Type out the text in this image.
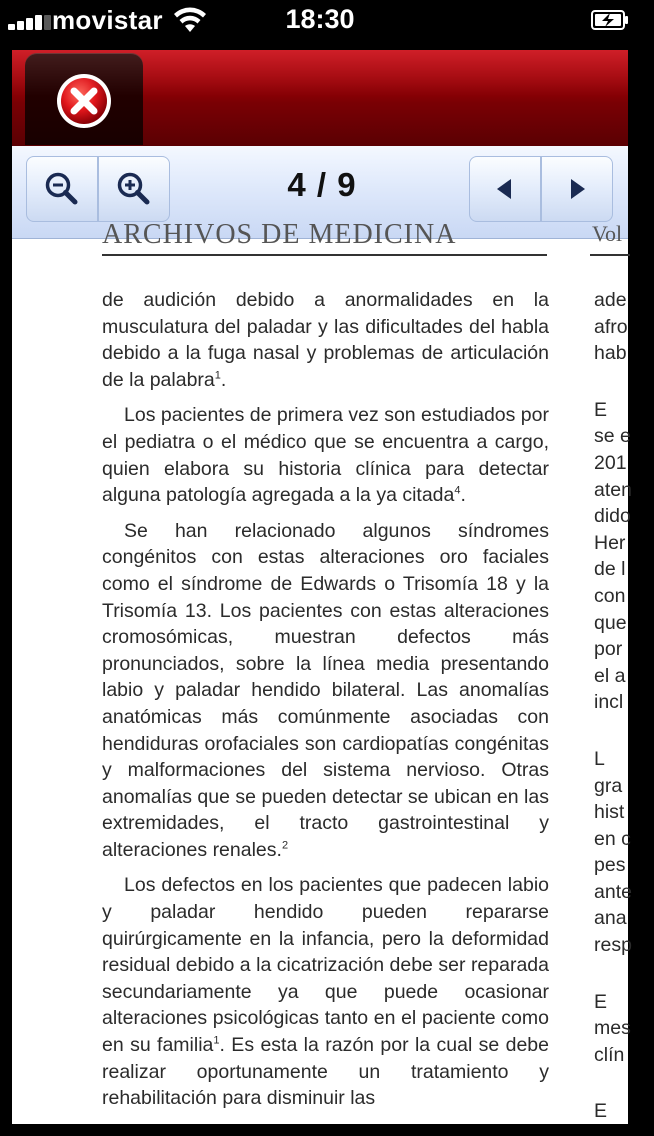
movistar	18:30
4 / 9
ARCHIVOS DE MEDICINA	Vol

de audición debido a anormalidades en la musculatura del paladar y las dificultades del habla debido a la fuga nasal y problemas de articulación de la palabra$^1$.

Los pacientes de primera vez son estudiados por el pediatra o el médico que se encuentra a cargo, quien elabora su historia clínica para detectar alguna patología agregada a la ya citada$^4$.

Se han relacionado algunos síndromes congénitos con estas alteraciones oro faciales como el síndrome de Edwards o Trisomía 18 y la Trisomía 13. Los pacientes con estas alteraciones cromosómicas, muestran defectos más pronunciados, sobre la línea media presentando labio y paladar hendido bilateral. Las anomalías anatómicas más comúnmente asociadas con hendiduras orofaciales son cardiopatías congénitas y malformaciones del sistema nervioso. Otras anomalías que se pueden detectar se ubican en las extremidades, el tracto gastrointestinal y alteraciones renales.$^2$

Los defectos en los pacientes que padecen labio y paladar hendido pueden repararse quirúrgicamente en la infancia, pero la deformidad residual debido a la cicatrización debe ser reparada secundariamente ya que puede ocasionar alteraciones psicológicas tanto en el paciente como en su familia$^1$. Es esta la razón por la cual se debe realizar oportunamente un tratamiento y rehabilitación para disminuir las

ade
afro
hab
E
se e
201
aten
dido
Her
de l
con
que
por
el a
incl
L
gra
hist
en c
pes
ante
ana
resp
E
mes
clín
E
